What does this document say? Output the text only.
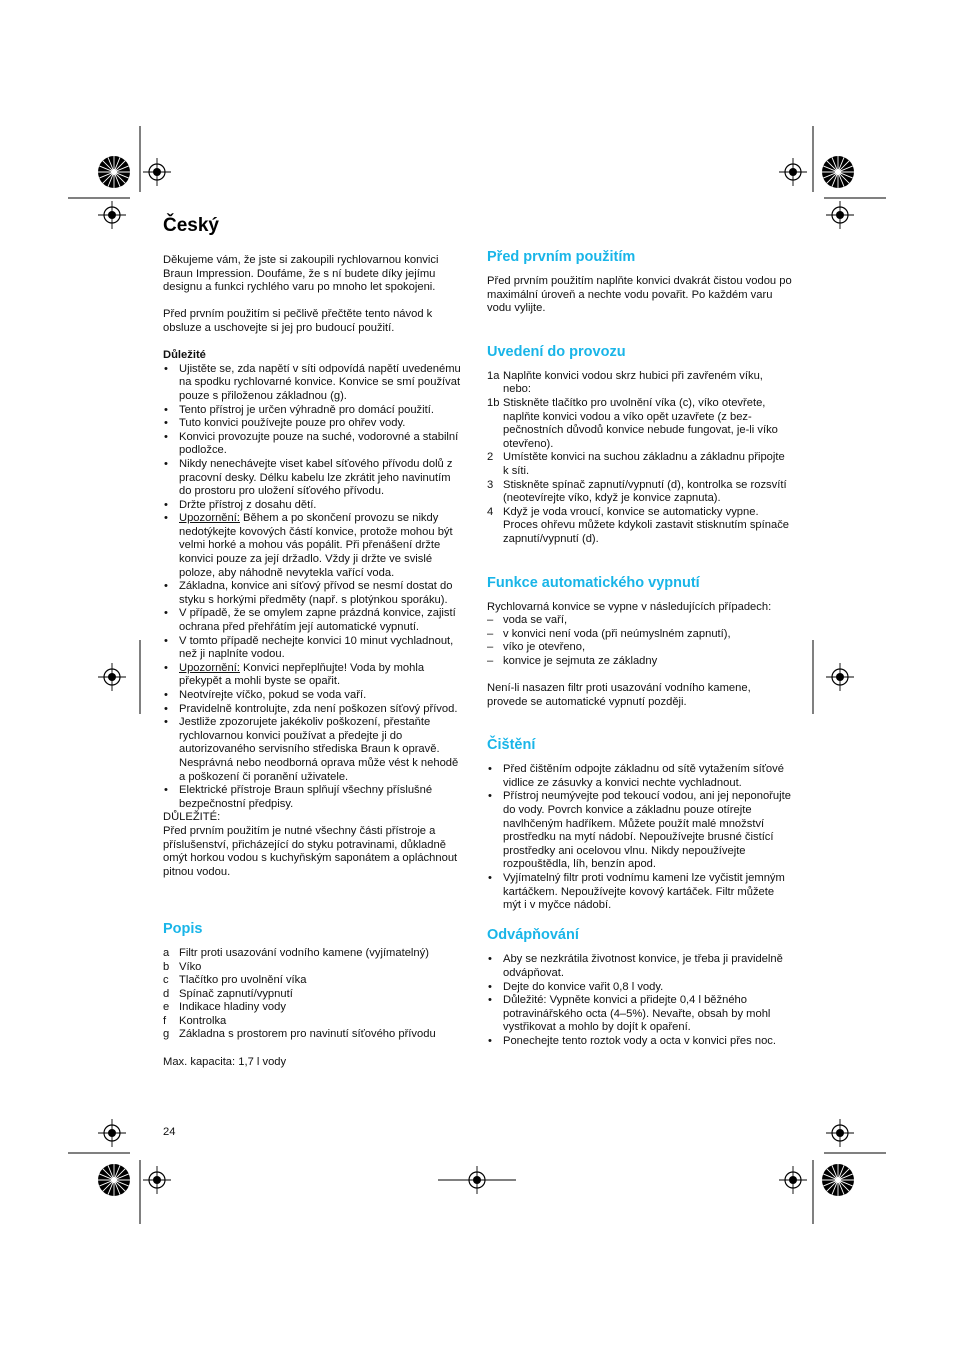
Český

Děkujeme vám, že jste si zakoupili rychlovarnou konvici Braun Impression. Doufáme, že s ní budete díky jejímu designu a funkci rychlého varu po mnoho let spokojeni.

Před prvním použitím si pečlivě přečtěte tento návod k obsluze a uschovejte si jej pro budoucí použití.

Důležité

• Ujistěte se, zda napětí v síti odpovídá napětí uvedenému na spodku rychlovarné konvice. Konvice se smí používat pouze s přiloženou základnou (g).
• Tento přístroj je určen výhradně pro domácí použití.
• Tuto konvici používejte pouze pro ohřev vody.
• Konvici provozujte pouze na suché, vodorovné a stabilní podložce.
• Nikdy nenechávejte viset kabel síťového přívodu dolů z pracovní desky. Délku kabelu lze zkrátit jeho navinutím do prostoru pro uložení síťového přívodu.
• Držte přístroj z dosahu dětí.
• Upozornění: Během a po skončení provozu se nikdy nedotýkejte kovových částí konvice, protože mohou být velmi horké a mohou vás popálit. Při přenášení držte konvici pouze za její držadlo. Vždy ji držte ve svislé poloze, aby náhodně nevytekla vařící voda.
• Základna, konvice ani síťový přívod se nesmí dostat do styku s horkými předměty (např. s plotýnkou sporáku).
• V případě, že se omylem zapne prázdná konvice, zajistí ochrana před přehřátím její automatické vypnutí.
• V tomto případě nechejte konvici 10 minut vychladnout, než ji naplníte vodou.
• Upozornění: Konvici nepřeplňujte! Voda by mohla překypět a mohli byste se opařit.
• Neotvírejte víčko, pokud se voda vaří.
• Pravidelně kontrolujte, zda není poškozen síťový přívod.
• Jestliže zpozorujete jakékoliv poškození, přestaňte rychlovarnou konvici používat a předejte ji do autorizovaného servisního střediska Braun k opravě. Nesprávná nebo neodborná oprava může vést k nehodě a poškození či poranění uživatele.
• Elektrické přístroje Braun splňují všechny příslušné bezpečnostní předpisy.

DŮLEŽITÉ:

Před prvním použitím je nutné všechny části přístroje a příslušenství, přicházející do styku potravinami, důkladně omýt horkou vodou s kuchyňským saponátem a opláchnout pitnou vodou.

Popis
a Filtr proti usazování vodního kamene (vyjímatelný)
b Víko
c Tlačítko pro uvolnění víka
d Spínač zapnutí/vypnutí
e Indikace hladiny vody
f Kontrolka
g Základna s prostorem pro navinutí síťového přívodu

Max. kapacita: 1,7 l vody

Před prvním použitím

Před prvním použitím naplňte konvici dvakrát čistou vodou po maximální úroveň a nechte vodu povařit. Po každém varu vodu vylijte.

Uvedení do provozu
1a Naplňte konvici vodou skrz hubici při zavřeném víku, nebo:
1b Stiskněte tlačítko pro uvolnění víka (c), víko otevřete, naplňte konvici vodou a víko opět uzavřete (z bez-pečnostních důvodů konvice nebude fungovat, je-li víko otevřeno).
2 Umístěte konvici na suchou základnu a základnu připojte k síti.
3 Stiskněte spínač zapnutí/vypnutí (d), kontrolka se rozsvítí (neotevírejte víko, když je konvice zapnuta).
4 Když je voda vroucí, konvice se automaticky vypne. Proces ohřevu můžete kdykoli zastavit stisknutím spínače zapnutí/vypnutí (d).
Funkce automatického vypnutí

Rychlovarná konvice se vypne v následujících případech:

– voda se vaří,
– v konvici není voda (při neúmyslném zapnutí),
– víko je otevřeno,
– konvice je sejmuta ze základny

Není-li nasazen filtr proti usazování vodního kamene, provede se automatické vypnutí později.

Čištění
• Před čištěním odpojte základnu od sítě vytažením síťové vidlice ze zásuvky a konvici nechte vychladnout.
• Přístroj neumývejte pod tekoucí vodou, ani jej neponořujte do vody. Povrch konvice a základnu pouze otírejte navlhčeným hadříkem. Můžete použít malé množství prostředku na mytí nádobí. Nepoužívejte brusné čistící prostředky ani ocelovou vlnu. Nikdy nepoužívejte rozpouštědla, líh, benzín apod.
• Vyjímatelný filtr proti vodnímu kameni lze vyčistit jemným kartáčkem. Nepoužívejte kovový kartáček. Filtr můžete mýt i v myčce nádobí.
Odvápňování
• Aby se nezkrátila životnost konvice, je třeba ji pravidelně odvápňovat.
• Dejte do konvice vařit 0,8 l vody.
• Důležité: Vypněte konvici a přidejte 0,4 l běžného potravinářského octa (4–5%). Nevařte, obsah by mohl vystřikovat a mohlo by dojít k opaření.
• Ponechejte tento roztok vody a octa v konvici přes noc.
24
